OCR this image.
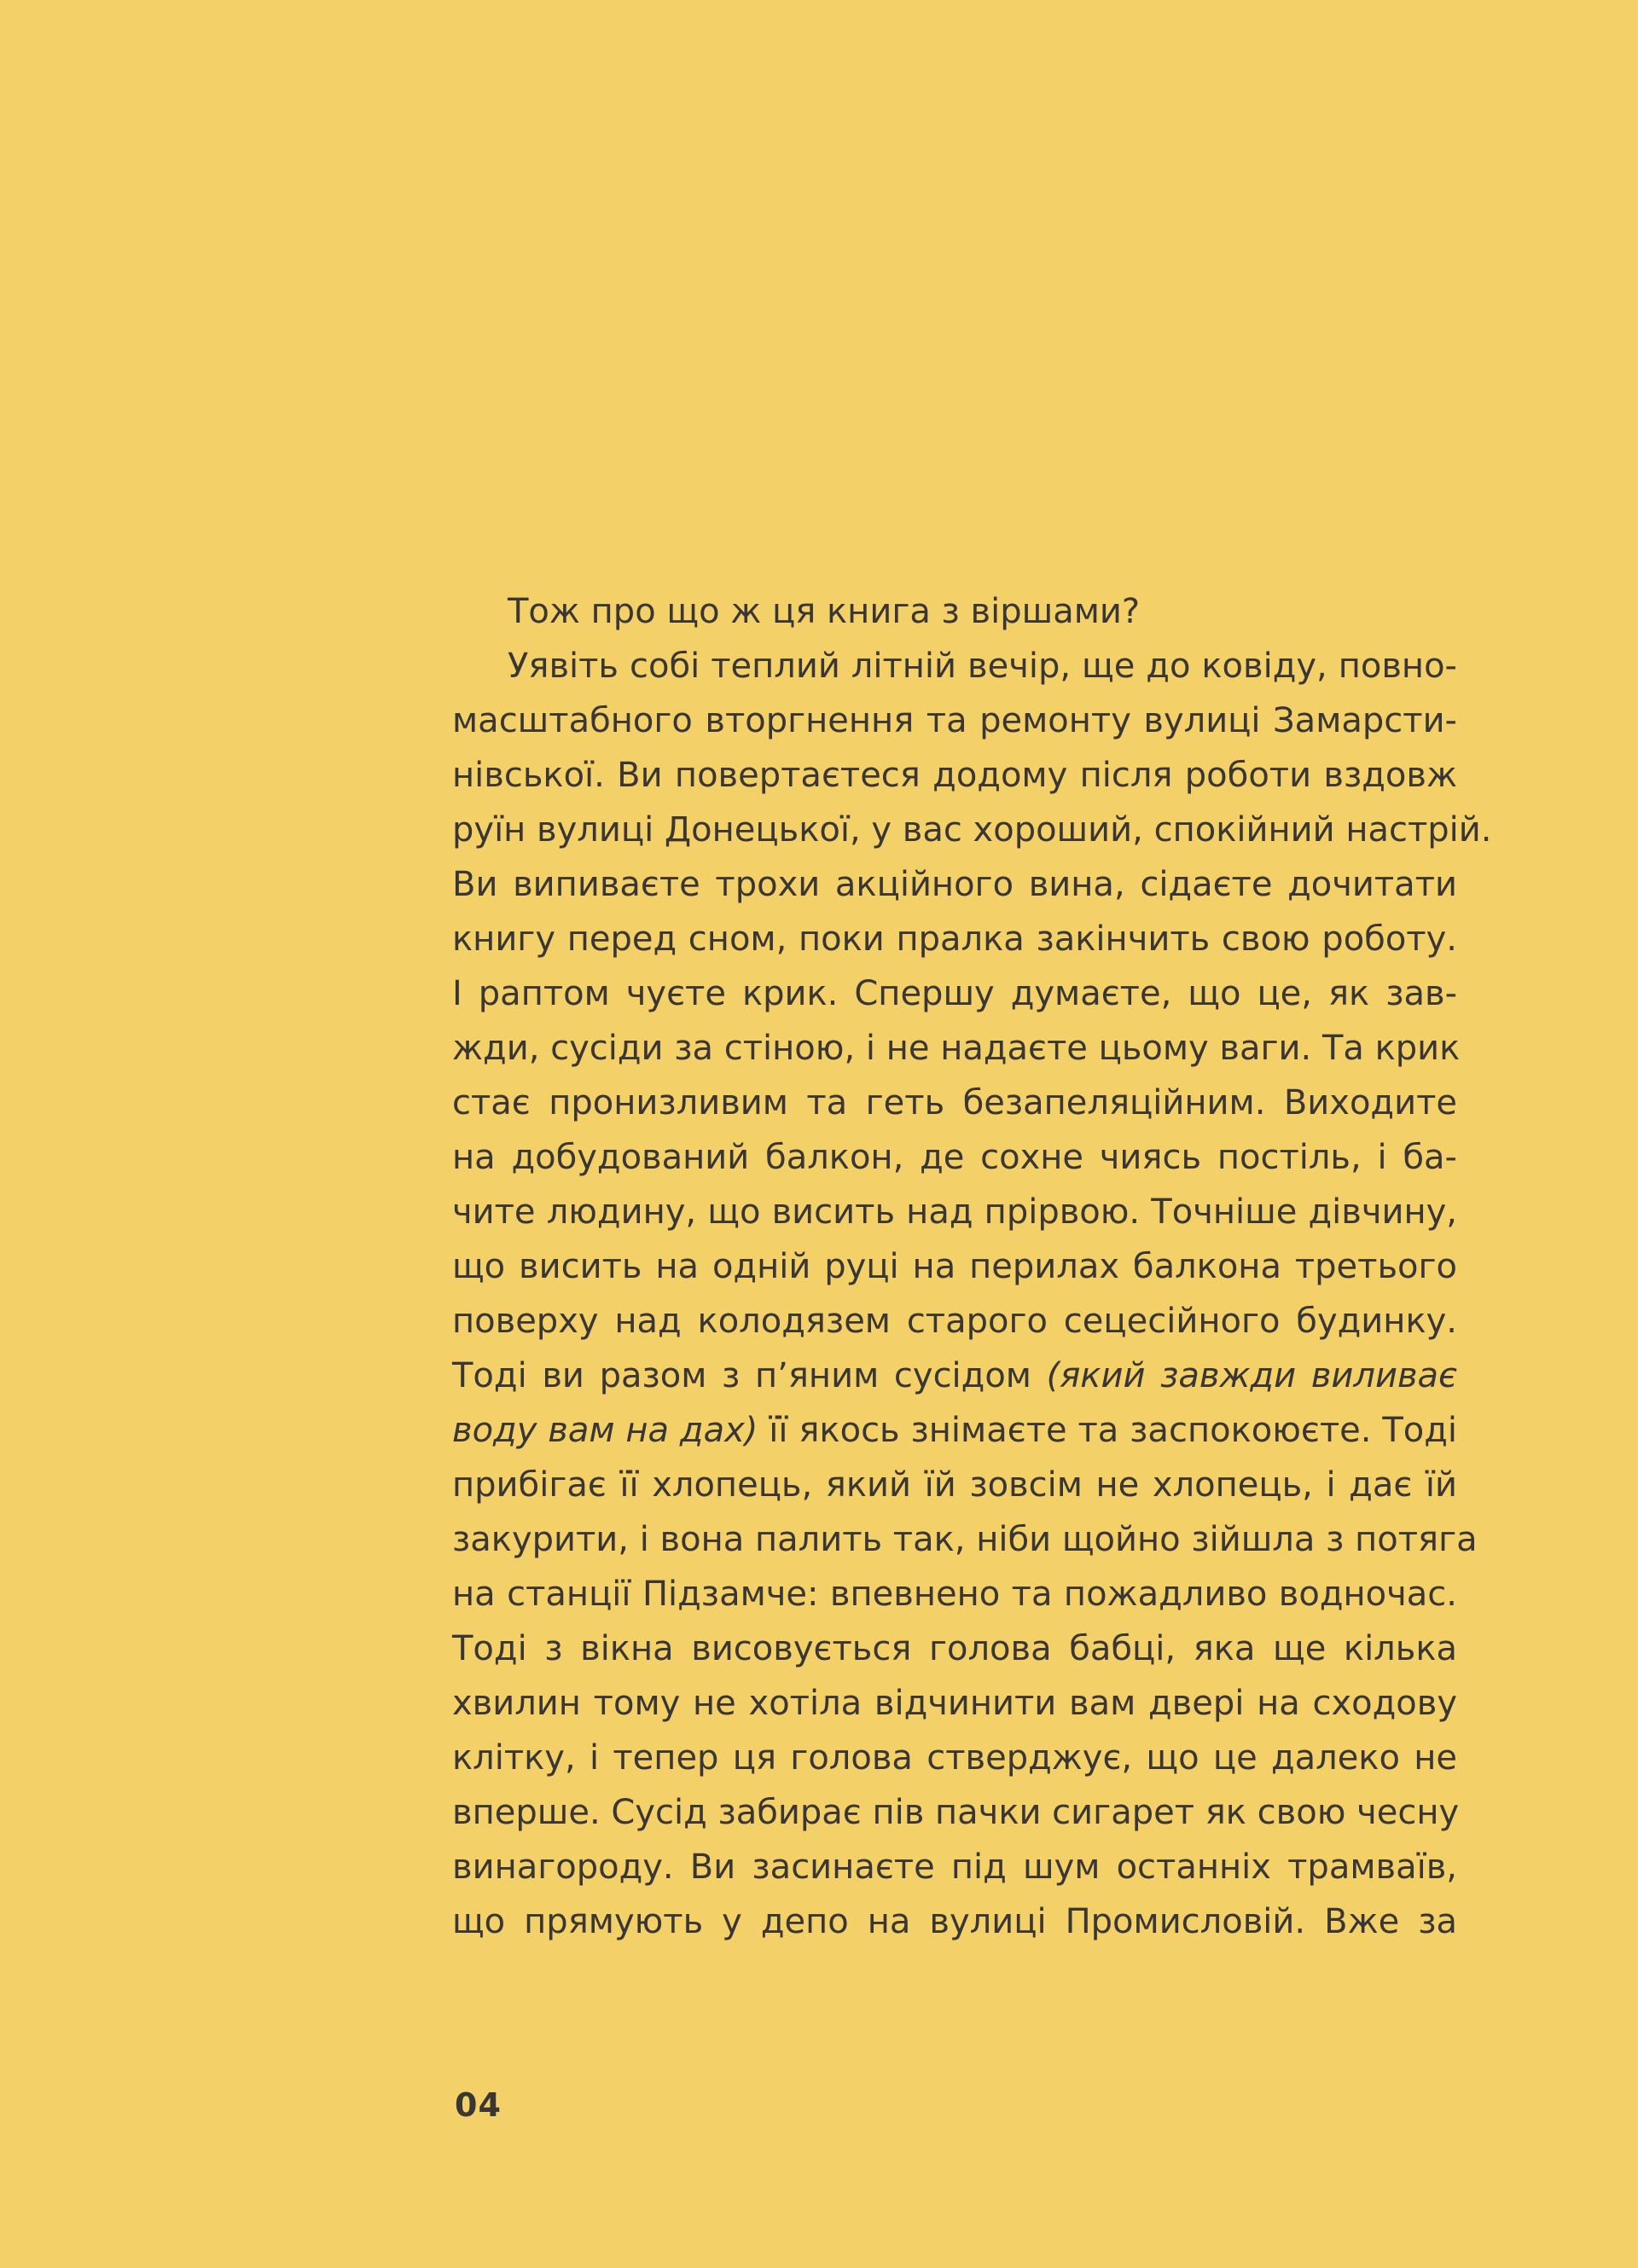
Тож про що ж ця книга з віршами?
Уявіть собі теплий літній вечір, ще до ковіду, повно-
масштабного вторгнення та ремонту вулиці Замарсти-
нівської. Ви повертаєтеся додому після роботи вздовж
руїн вулиці Донецької, у вас хороший, спокійний настрій.
Ви випиваєте трохи акційного вина, сідаєте дочитати
книгу перед сном, поки пралка закінчить свою роботу.
І раптом чуєте крик. Спершу думаєте, що це, як зав-
жди, сусіди за стіною, і не надаєте цьому ваги. Та крик
стає пронизливим та геть безапеляційним. Виходите
на добудований балкон, де сохне чиясь постіль, і ба-
чите людину, що висить над прірвою. Точніше дівчину,
що висить на одній руці на перилах балкона третього
поверху над колодязем старого сецесійного будинку.
Тоді ви разом з п’яним сусідом (який завжди виливає
воду вам на дах) її якось знімаєте та заспокоюєте. Тоді
прибігає її хлопець, який їй зовсім не хлопець, і дає їй
закурити, і вона палить так, ніби щойно зійшла з потяга
на станції Підзамче: впевнено та пожадливо водночас.
Тоді з вікна висовується голова бабці, яка ще кілька
хвилин тому не хотіла відчинити вам двері на сходову
клітку, і тепер ця голова стверджує, що це далеко не
вперше. Сусід забирає пів пачки сигарет як свою чесну
винагороду. Ви засинаєте під шум останніх трамваїв,
що прямують у депо на вулиці Промисловій. Вже за
04
